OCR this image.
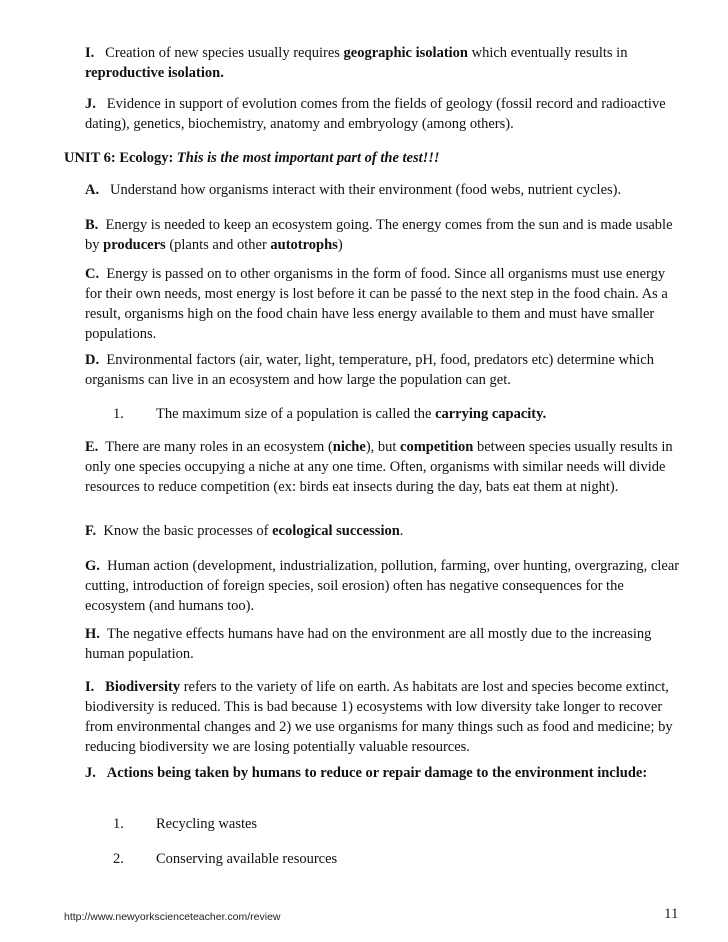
I. Creation of new species usually requires geographic isolation which eventually results in reproductive isolation.

J. Evidence in support of evolution comes from the fields of geology (fossil record and radioactive dating), genetics, biochemistry, anatomy and embryology (among others).

UNIT 6: Ecology: This is the most important part of the test!!!

A. Understand how organisms interact with their environment (food webs, nutrient cycles).

B. Energy is needed to keep an ecosystem going. The energy comes from the sun and is made usable by producers (plants and other autotrophs)

C. Energy is passed on to other organisms in the form of food. Since all organisms must use energy for their own needs, most energy is lost before it can be passé to the next step in the food chain. As a result, organisms high on the food chain have less energy available to them and must have smaller populations.

D. Environmental factors (air, water, light, temperature, pH, food, predators etc) determine which organisms can live in an ecosystem and how large the population can get.

1. The maximum size of a population is called the carrying capacity.

E. There are many roles in an ecosystem (niche), but competition between species usually results in only one species occupying a niche at any one time. Often, organisms with similar needs will divide resources to reduce competition (ex: birds eat insects during the day, bats eat them at night).

F. Know the basic processes of ecological succession.

G. Human action (development, industrialization, pollution, farming, over hunting, overgrazing, clear cutting, introduction of foreign species, soil erosion) often has negative consequences for the ecosystem (and humans too).

H. The negative effects humans have had on the environment are all mostly due to the increasing human population.

I. Biodiversity refers to the variety of life on earth. As habitats are lost and species become extinct, biodiversity is reduced. This is bad because 1) ecosystems with low diversity take longer to recover from environmental changes and 2) we use organisms for many things such as food and medicine; by reducing biodiversity we are losing potentially valuable resources.

J. Actions being taken by humans to reduce or repair damage to the environment include:

1. Recycling wastes
2. Conserving available resources
http://www.newyorkscienceteacher.com/review	11
